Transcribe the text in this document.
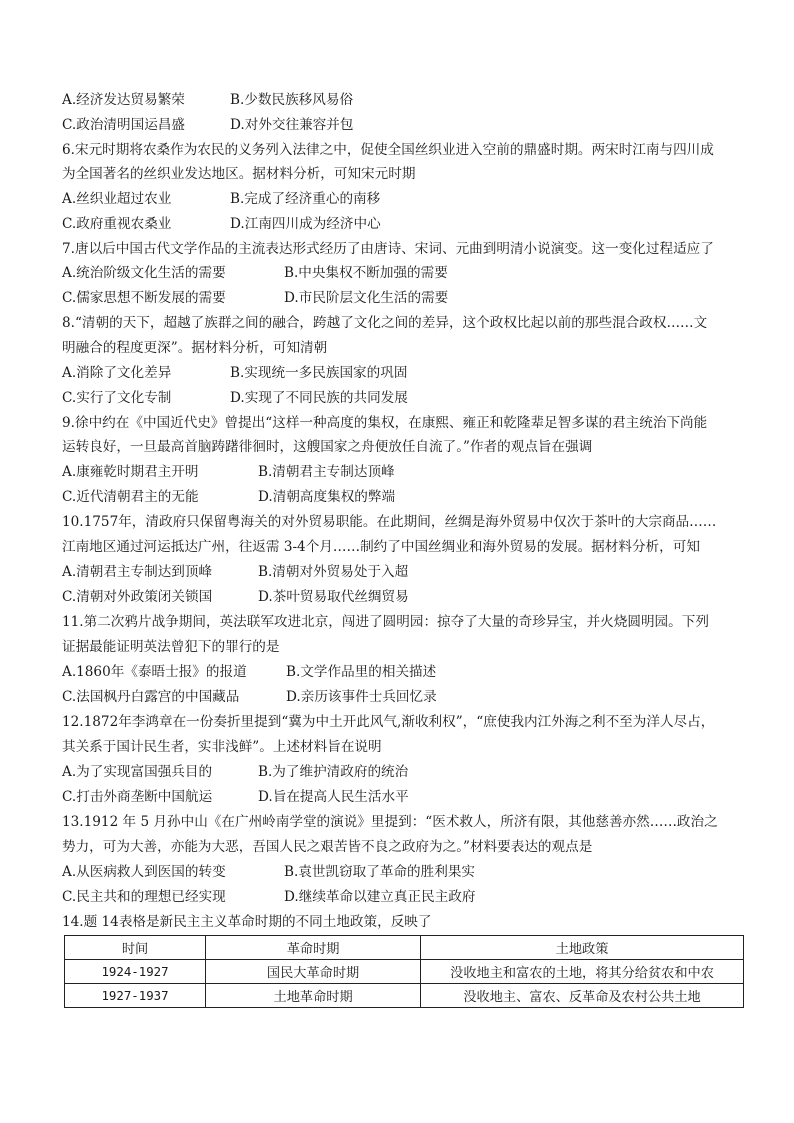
A.经济发达贸易繁荣	B.少数民族移风易俗
C.政治清明国运昌盛	D.对外交往兼容并包
6.宋元时期将农桑作为农民的义务列入法律之中，促使全国丝织业进入空前的鼎盛时期。两宋时江南与四川成
为全国著名的丝织业发达地区。据材料分析，可知宋元时期
A.丝织业超过农业	B.完成了经济重心的南移
C.政府重视农桑业	D.江南四川成为经济中心
7.唐以后中国古代文学作品的主流表达形式经历了由唐诗、宋词、元曲到明清小说演变。这一变化过程适应了
A.统治阶级文化生活的需要	B.中央集权不断加强的需要
C.儒家思想不断发展的需要	D.市民阶层文化生活的需要
8.“清朝的天下，超越了族群之间的融合，跨越了文化之间的差异，这个政权比起以前的那些混合政权……文
明融合的程度更深”。据材料分析，可知清朝
A.消除了文化差异	B.实现统一多民族国家的巩固
C.实行了文化专制	D.实现了不同民族的共同发展
9.徐中约在《中国近代史》曾提出“这样一种高度的集权，在康熙、雍正和乾隆辈足智多谋的君主统治下尚能
运转良好，一旦最高首脑踌躇徘徊时，这艘国家之舟便放任自流了。”作者的观点旨在强调
A.康雍乾时期君主开明	B.清朝君主专制达顶峰
C.近代清朝君主的无能	D.清朝高度集权的弊端
10.1757年，清政府只保留粤海关的对外贸易职能。在此期间，丝绸是海外贸易中仅次于茶叶的大宗商品……
江南地区通过河运抵达广州，往返需 3-4个月……制约了中国丝绸业和海外贸易的发展。据材料分析，可知
A.清朝君主专制达到顶峰	B.清朝对外贸易处于入超
C.清朝对外政策闭关锁国	D.茶叶贸易取代丝绸贸易
11.第二次鸦片战争期间，英法联军攻进北京，闯进了圆明园：掠夺了大量的奇珍异宝，并火烧圆明园。下列
证据最能证明英法曾犯下的罪行的是
A.1860年《泰晤士报》的报道	B.文学作品里的相关描述
C.法国枫丹白露宫的中国藏品	D.亲历该事件士兵回忆录
12.1872年李鸿章在一份奏折里提到“冀为中土开此风气,渐收利权”，“庶使我内江外海之利不至为洋人尽占，
其关系于国计民生者，实非浅鲜”。上述材料旨在说明
A.为了实现富国强兵目的	B.为了维护清政府的统治
C.打击外商垄断中国航运	D.旨在提高人民生活水平
13.1912 年 5 月孙中山《在广州岭南学堂的演说》里提到：“医术救人，所济有限，其他慈善亦然……政治之
势力，可为大善，亦能为大恶，吾国人民之艰苦皆不良之政府为之。”材料要表达的观点是
A.从医病救人到医国的转变	B.袁世凯窃取了革命的胜利果实
C.民主共和的理想已经实现	D.继续革命以建立真正民主政府
14.题 14表格是新民主主义革命时期的不同土地政策，反映了
时间	革命时期	土地政策
1924-1927	国民大革命时期	没收地主和富农的土地，将其分给贫农和中农
1927-1937	土地革命时期	没收地主、富农、反革命及农村公共土地
